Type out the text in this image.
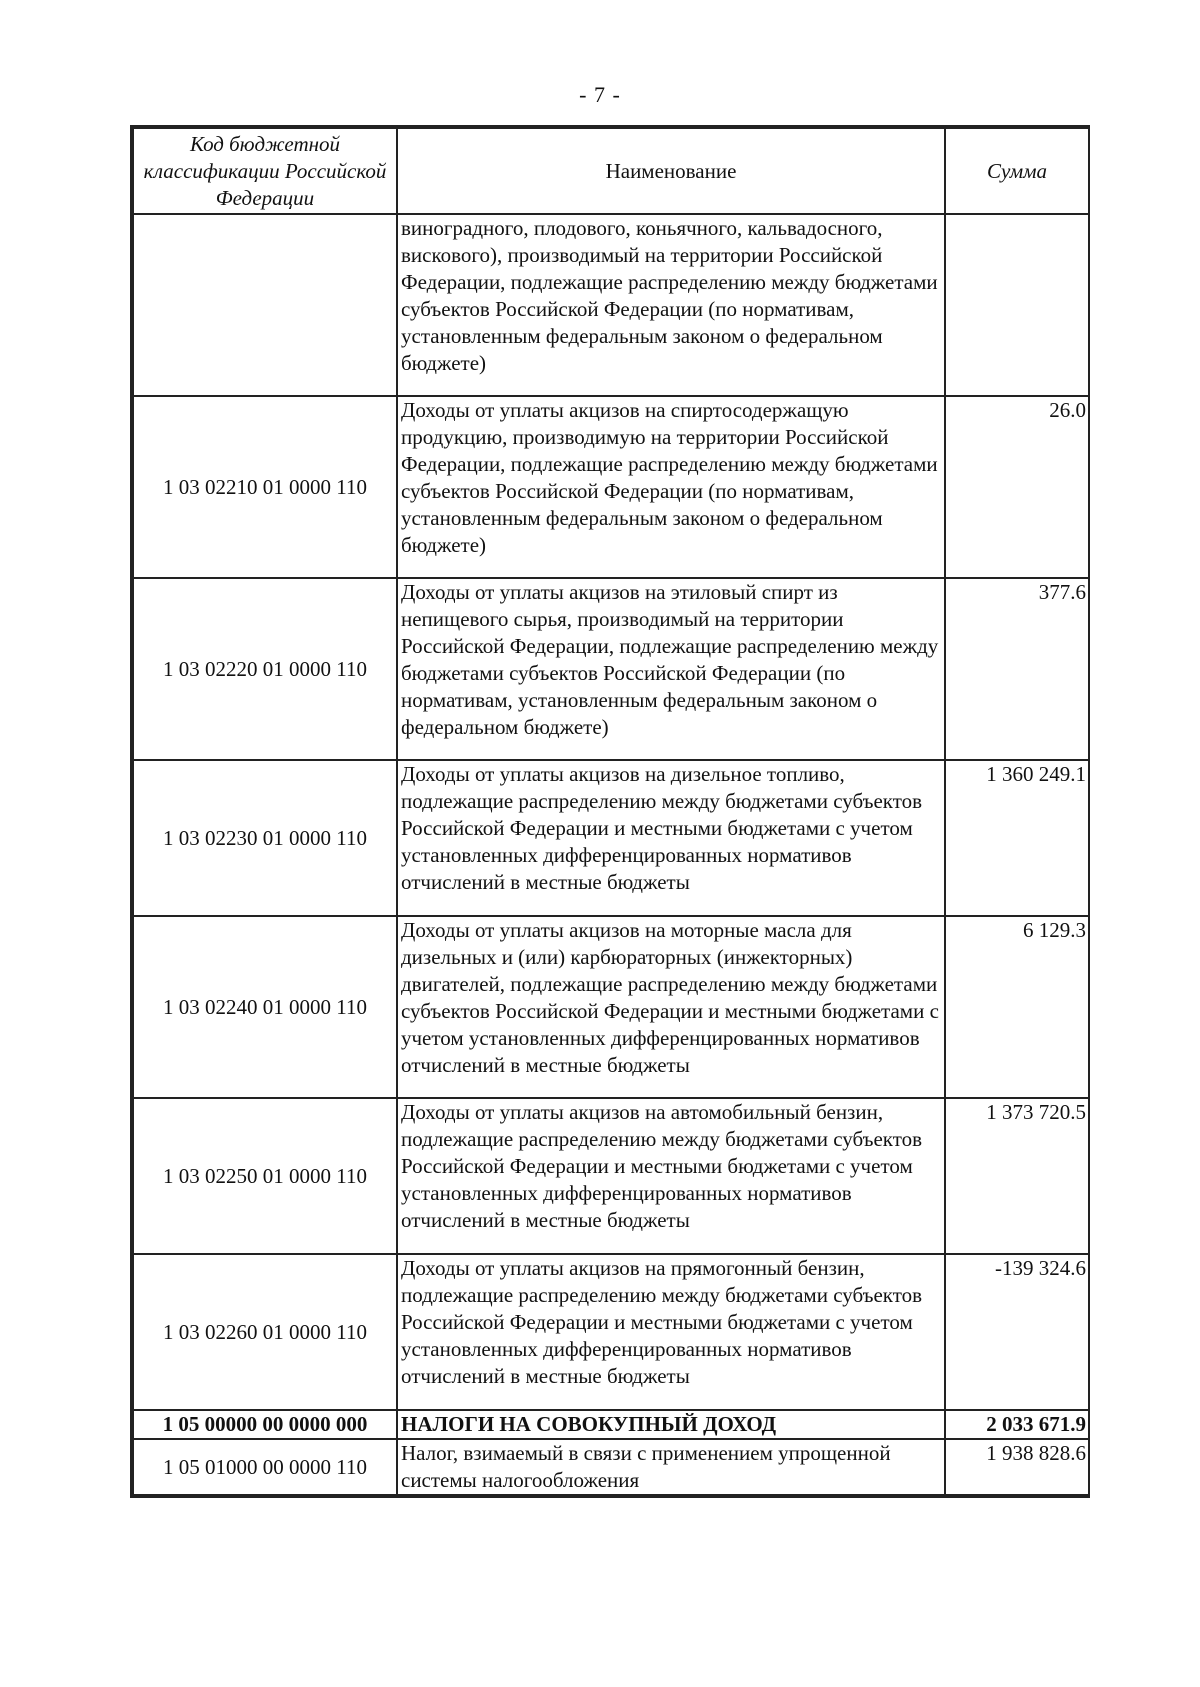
- 7 -
Код бюджетной классификации Российской Федерации	Наименование	Сумма
	виноградного, плодового, коньячного, кальвадосного, вискового), производимый на территории Российской Федерации, подлежащие распределению между бюджетами субъектов Российской Федерации (по нормативам, установленным федеральным законом о федеральном бюджете)	
1 03 02210 01 0000 110	Доходы от уплаты акцизов на спиртосодержащую продукцию, производимую на территории Российской Федерации, подлежащие распределению между бюджетами субъектов Российской Федерации (по нормативам, установленным федеральным законом о федеральном бюджете)	26.0
1 03 02220 01 0000 110	Доходы от уплаты акцизов на этиловый спирт из непищевого сырья, производимый на территории Российской Федерации, подлежащие распределению между бюджетами субъектов Российской Федерации (по нормативам, установленным федеральным законом о федеральном бюджете)	377.6
1 03 02230 01 0000 110	Доходы от уплаты акцизов на дизельное топливо, подлежащие распределению между бюджетами субъектов Российской Федерации и местными бюджетами с учетом установленных дифференцированных нормативов отчислений в местные бюджеты	1 360 249.1
1 03 02240 01 0000 110	Доходы от уплаты акцизов на моторные масла для дизельных и (или) карбюраторных (инжекторных) двигателей, подлежащие распределению между бюджетами субъектов Российской Федерации и местными бюджетами с учетом установленных дифференцированных нормативов отчислений в местные бюджеты	6 129.3
1 03 02250 01 0000 110	Доходы от уплаты акцизов на автомобильный бензин, подлежащие распределению между бюджетами субъектов Российской Федерации и местными бюджетами с учетом установленных дифференцированных нормативов отчислений в местные бюджеты	1 373 720.5
1 03 02260 01 0000 110	Доходы от уплаты акцизов на прямогонный бензин, подлежащие распределению между бюджетами субъектов Российской Федерации и местными бюджетами с учетом установленных дифференцированных нормативов отчислений в местные бюджеты	-139 324.6
1 05 00000 00 0000 000	НАЛОГИ НА СОВОКУПНЫЙ ДОХОД	2 033 671.9
1 05 01000 00 0000 110	Налог, взимаемый в связи с применением упрощенной системы налогообложения	1 938 828.6
